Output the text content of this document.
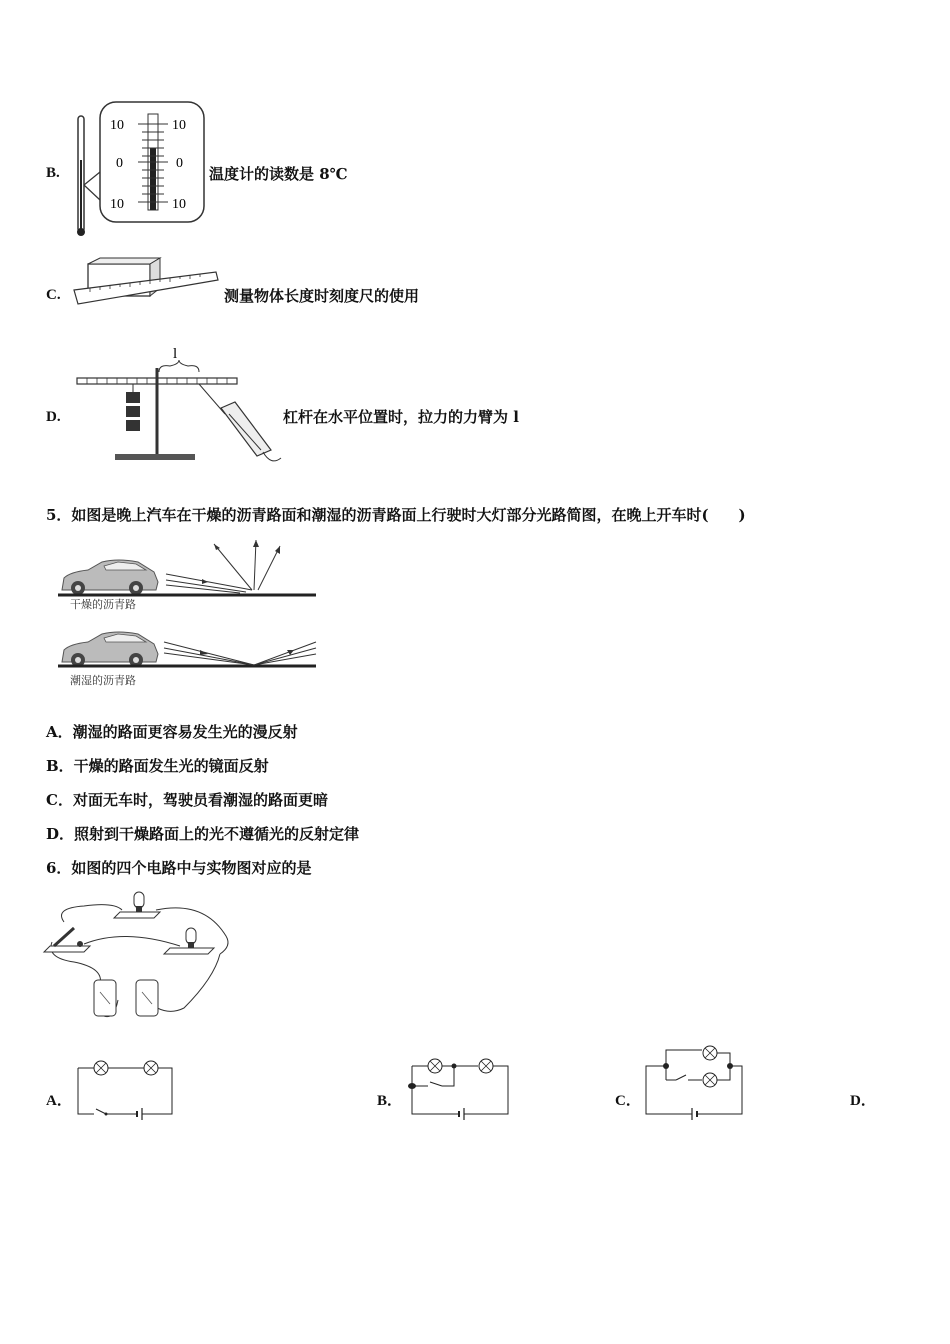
B.
10	10
0	0
10	10
温度计的读数是 8℃
C.	测量物体长度时刻度尺的使用
D.
l
杠杆在水平位置时，拉力的力臂为 l
5．如图是晚上汽车在干燥的沥青路面和潮湿的沥青路面上行驶时大灯部分光路简图，在晚上开车时(　　)
干燥的沥青路
潮湿的沥青路
A．潮湿的路面更容易发生光的漫反射
B．干燥的路面发生光的镜面反射
C．对面无车时，驾驶员看潮湿的路面更暗
D．照射到干燥路面上的光不遵循光的反射定律
6．如图的四个电路中与实物图对应的是
A．	B．	C．	D．
